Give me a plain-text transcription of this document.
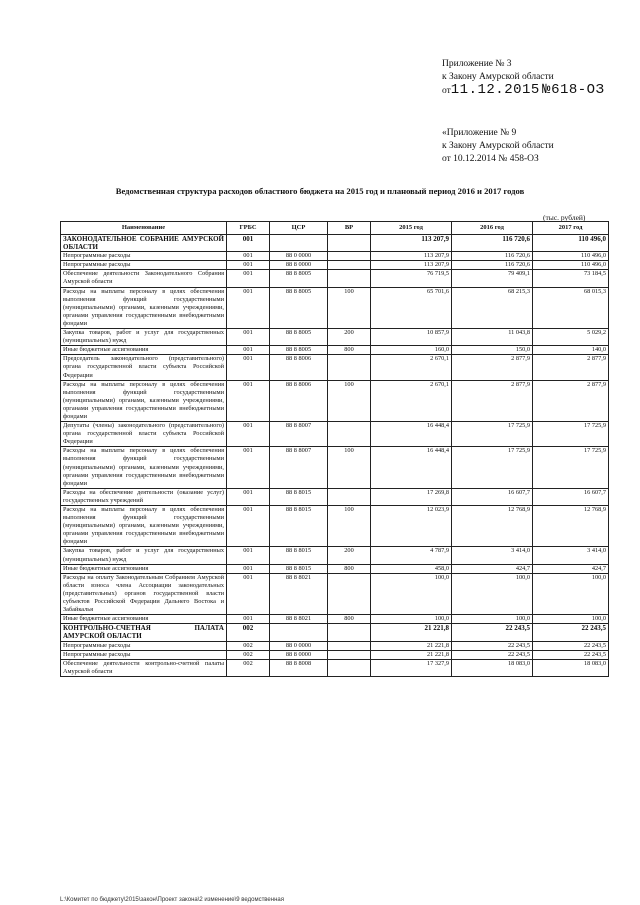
Приложение № 3
к Закону Амурской области
от11.12.2015 №618-ОЗ
«Приложение № 9
к Закону Амурской области
от 10.12.2014 № 458-ОЗ
Ведомственная структура расходов областного бюджета на 2015 год и плановый период 2016 и 2017 годов
(тыс. рублей)
Наименование	ГРБС	ЦСР	ВР	2015 год	2016 год	2017 год
ЗАКОНОДАТЕЛЬНОЕ СОБРАНИЕ АМУРСКОЙ ОБЛАСТИ	001			113 207,9	116 720,6	110 496,0
Непрограммные расходы	001	88 0 0000		113 207,9	116 720,6	110 496,0
Непрограммные расходы	001	88 8 0000		113 207,9	116 720,6	110 496,0
Обеспечение деятельности Законодательного Собрания Амурской области	001	88 8 8005		76 719,5	79 409,1	73 184,5
Расходы на выплаты персоналу в целях обеспечения выполнения функций государственными (муниципальными) органами, казенными учреждениями, органами управления государственными внебюджетными фондами	001	88 8 8005	100	65 701,6	68 215,3	68 015,3
Закупка товаров, работ и услуг для государственных (муниципальных) нужд	001	88 8 8005	200	10 857,9	11 043,8	5 029,2
Иные бюджетные ассигнования	001	88 8 8005	800	160,0	150,0	140,0
Председатель законодательного (представительного) органа государственной власти субъекта Российской Федерации	001	88 8 8006		2 670,1	2 877,9	2 877,9
Расходы на выплаты персоналу в целях обеспечения выполнения функций государственными (муниципальными) органами, казенными учреждениями, органами управления государственными внебюджетными фондами	001	88 8 8006	100	2 670,1	2 877,9	2 877,9
Депутаты (члены) законодательного (представительного) органа государственной власти субъекта Российской Федерации	001	88 8 8007		16 448,4	17 725,9	17 725,9
Расходы на выплаты персоналу в целях обеспечения выполнения функций государственными (муниципальными) органами, казенными учреждениями, органами управления государственными внебюджетными фондами	001	88 8 8007	100	16 448,4	17 725,9	17 725,9
Расходы на обеспечение деятельности (оказание услуг) государственных учреждений	001	88 8 8015		17 269,8	16 607,7	16 607,7
Расходы на выплаты персоналу в целях обеспечения выполнения функций государственными (муниципальными) органами, казенными учреждениями, органами управления государственными внебюджетными фондами	001	88 8 8015	100	12 023,9	12 768,9	12 768,9
Закупка товаров, работ и услуг для государственных (муниципальных) нужд	001	88 8 8015	200	4 787,9	3 414,0	3 414,0
Иные бюджетные ассигнования	001	88 8 8015	800	458,0	424,7	424,7
Расходы на оплату Законодательным Собранием Амурской области взноса члена Ассоциации законодательных (представительных) органов государственной власти субъектов Российской Федерации Дальнего Востока и Забайкалья	001	88 8 8021		100,0	100,0	100,0
Иные бюджетные ассигнования	001	88 8 8021	800	100,0	100,0	100,0
КОНТРОЛЬНО-СЧЕТНАЯ ПАЛАТА АМУРСКОЙ ОБЛАСТИ	002			21 221,8	22 243,5	22 243,5
Непрограммные расходы	002	88 0 0000		21 221,8	22 243,5	22 243,5
Непрограммные расходы	002	88 8 0000		21 221,8	22 243,5	22 243,5
Обеспечение деятельности контрольно-счетной палаты Амурской области	002	88 8 8008		17 327,9	18 083,0	18 083,0
L:\Комитет по бюджету\2015\закон\Проект закона\2 изменение\9 ведомственная
